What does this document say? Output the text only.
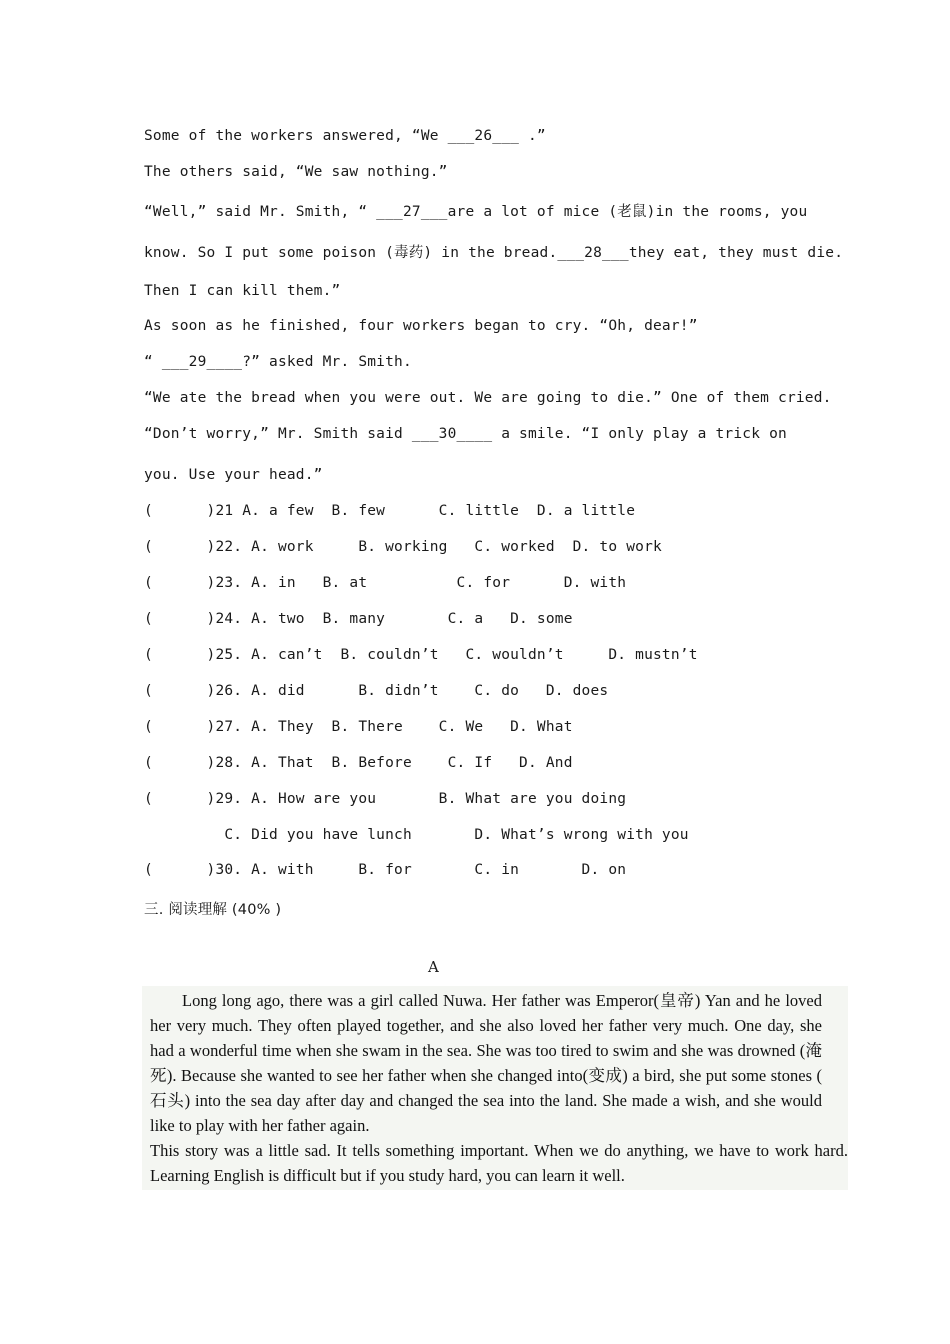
Some of the workers answered, “We ___26___ .”
The others said, “We saw nothing.”
“Well,” said Mr. Smith, “ ___27___are a lot of mice (老鼠)in the rooms, you
know. So I put some poison (毒药) in the bread.___28___they eat, they must die.
Then I can kill them.”
As soon as he finished, four workers began to cry. “Oh, dear!”
“ ___29____?” asked Mr. Smith.
“We ate the bread when you were out. We are going to die.” One of them cried.
“Don’t worry,” Mr. Smith said ___30____ a smile. “I only play a trick on
you. Use your head.”
(      )21 A. a few  B. few      C. little  D. a little
(      )22. A. work     B. working   C. worked  D. to work
(      )23. A. in   B. at          C. for      D. with
(      )24. A. two  B. many       C. a   D. some
(      )25. A. can’t  B. couldn’t   C. wouldn’t     D. mustn’t
(      )26. A. did      B. didn’t    C. do   D. does
(      )27. A. They  B. There    C. We   D. What
(      )28. A. That  B. Before    C. If   D. And
(      )29. A. How are you       B. What are you doing
C. Did you have lunch       D. What’s wrong with you
(      )30. A. with     B. for       C. in       D. on
三. 阅读理解 (40% )
A

Long long ago, there was a girl called Nuwa. Her father was Emperor(皇帝) Yan and he loved her very much. They often played together, and she also loved her father very much. One day, she had a wonderful time when she swam in the sea. She was too tired to swim and she was drowned (淹死). Because she wanted to see her father when she changed into(变成) a bird, she put some stones ( 石头) into the sea day after day and changed the sea into the land. She made a wish, and she would like to play with her father again.

This story was a little sad. It tells something important. When we do anything, we have to work hard. Learning English is difficult but if you study hard, you can learn it well.
